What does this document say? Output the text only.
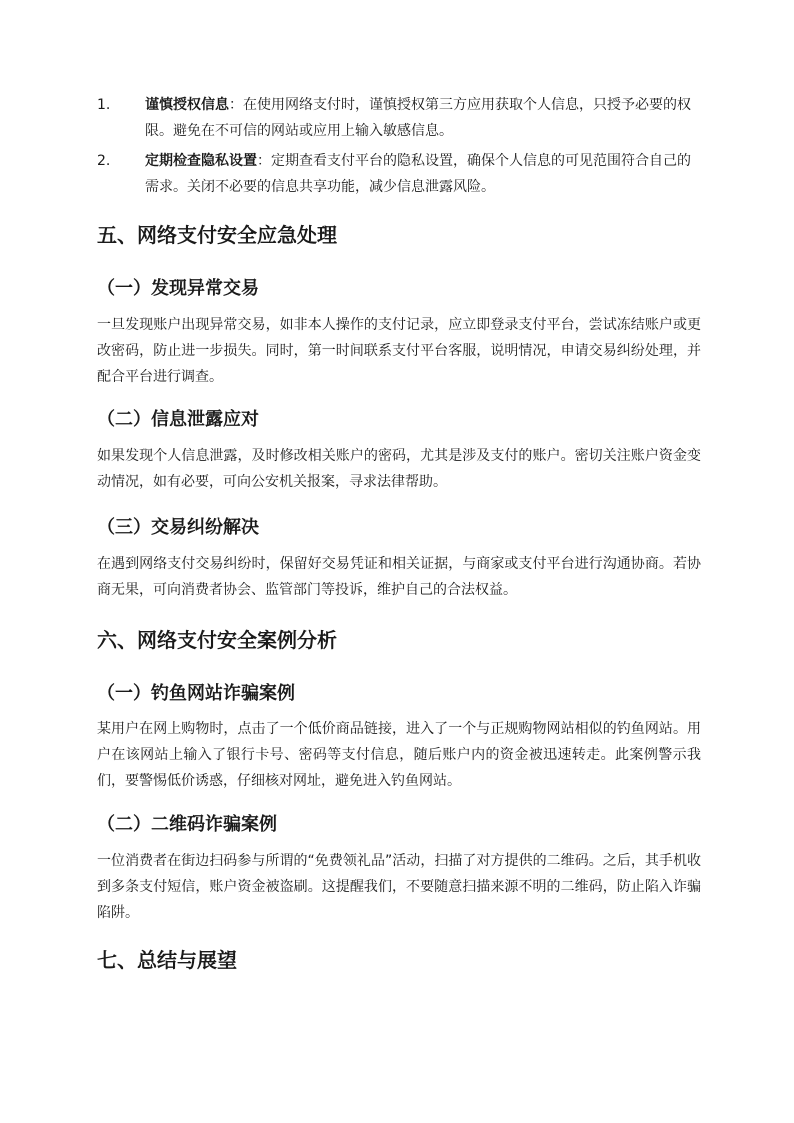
1. 谨慎授权信息：在使用网络支付时，谨慎授权第三方应用获取个人信息，只授予必要的权限。避免在不可信的网站或应用上输入敏感信息。
2. 定期检查隐私设置：定期查看支付平台的隐私设置，确保个人信息的可见范围符合自己的需求。关闭不必要的信息共享功能，减少信息泄露风险。
五、网络支付安全应急处理
（一）发现异常交易

一旦发现账户出现异常交易，如非本人操作的支付记录，应立即登录支付平台，尝试冻结账户或更改密码，防止进一步损失。同时，第一时间联系支付平台客服，说明情况，申请交易纠纷处理，并配合平台进行调查。

（二）信息泄露应对

如果发现个人信息泄露，及时修改相关账户的密码，尤其是涉及支付的账户。密切关注账户资金变动情况，如有必要，可向公安机关报案，寻求法律帮助。

（三）交易纠纷解决

在遇到网络支付交易纠纷时，保留好交易凭证和相关证据，与商家或支付平台进行沟通协商。若协商无果，可向消费者协会、监管部门等投诉，维护自己的合法权益。

六、网络支付安全案例分析
（一）钓鱼网站诈骗案例

某用户在网上购物时，点击了一个低价商品链接，进入了一个与正规购物网站相似的钓鱼网站。用户在该网站上输入了银行卡号、密码等支付信息，随后账户内的资金被迅速转走。此案例警示我们，要警惕低价诱惑，仔细核对网址，避免进入钓鱼网站。

（二）二维码诈骗案例

一位消费者在街边扫码参与所谓的“免费领礼品”活动，扫描了对方提供的二维码。之后，其手机收到多条支付短信，账户资金被盗刷。这提醒我们，不要随意扫描来源不明的二维码，防止陷入诈骗陷阱。

七、总结与展望
